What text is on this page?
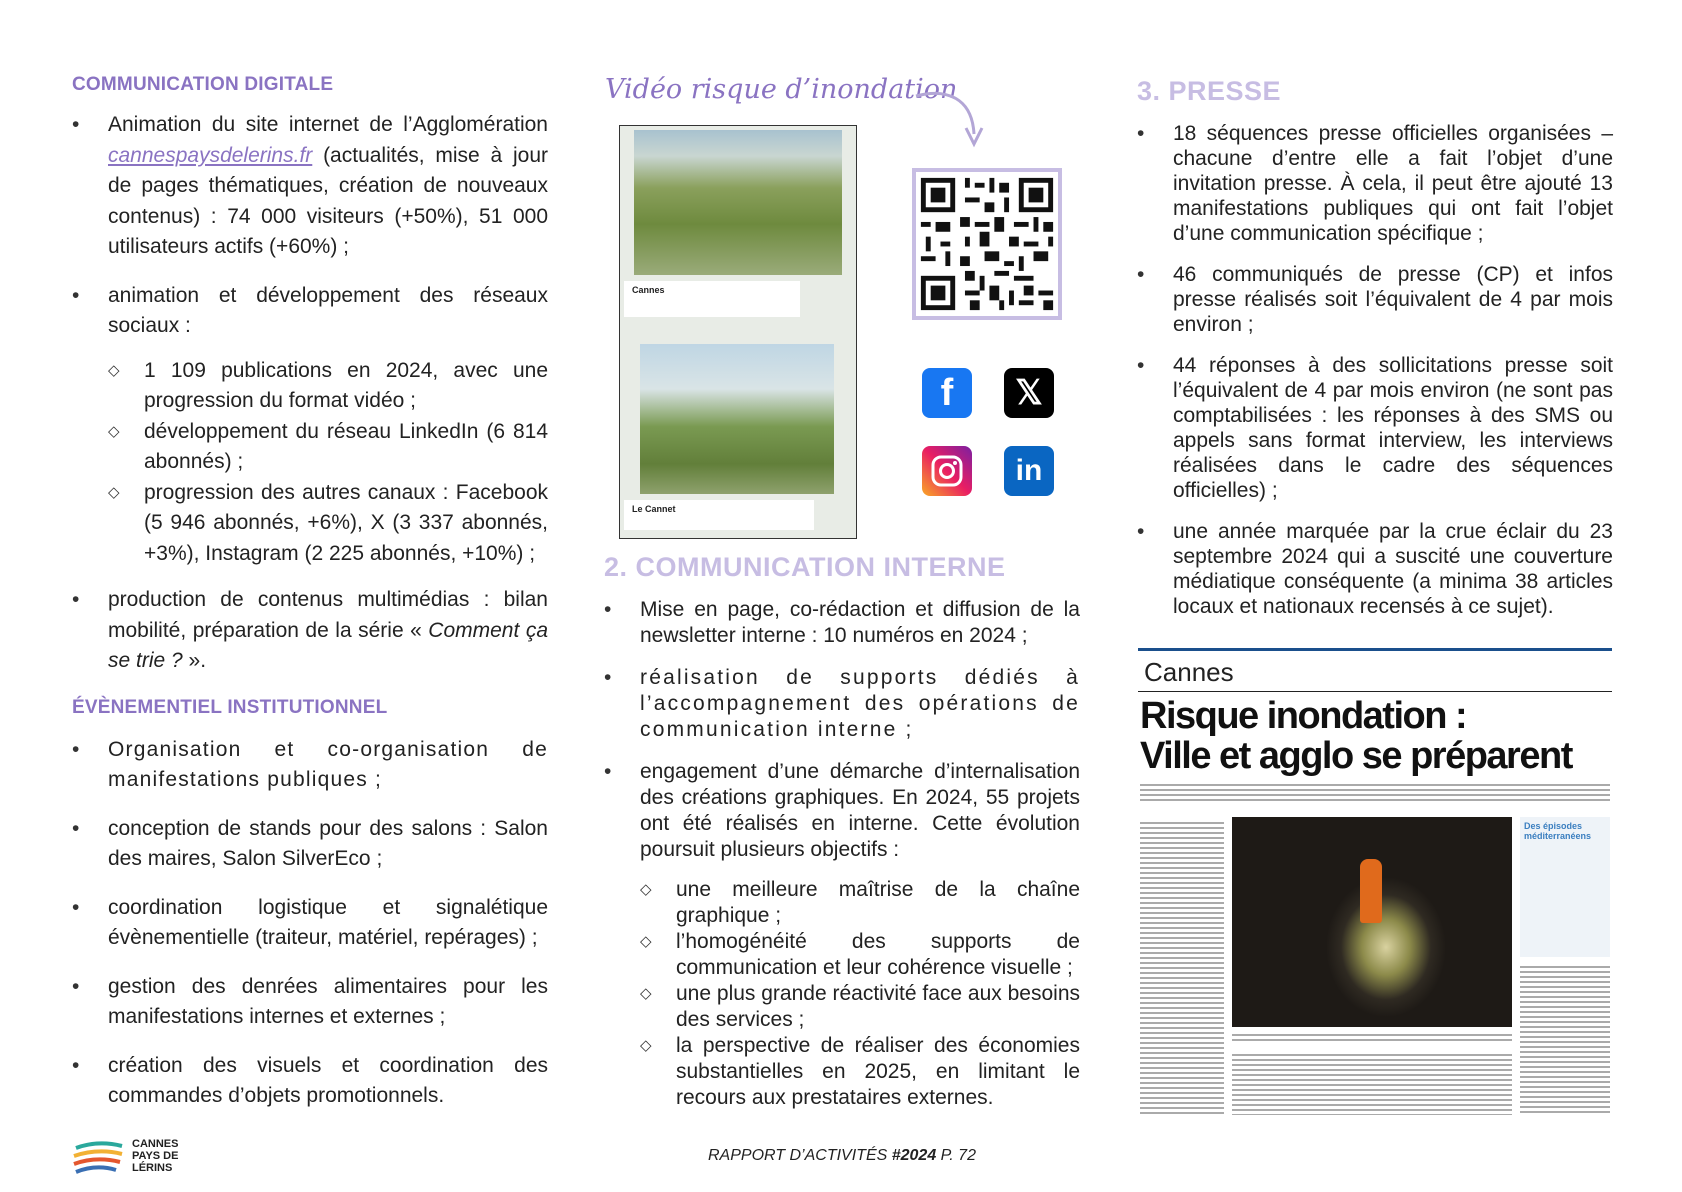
COMMUNICATION DIGITALE
• Animation du site internet de l’Agglomération cannespaysdelerins.fr (actualités, mise à jour de pages thématiques, création de nouveaux contenus) : 74 000 visiteurs (+50%), 51 000 utilisateurs actifs (+60%) ;
• animation et développement des réseaux sociaux :
◇ 1 109 publications en 2024, avec une progression du format vidéo ;
◇ développement du réseau LinkedIn (6 814 abonnés) ;
◇ progression des autres canaux : Facebook (5 946 abonnés, +6%), X (3 337 abonnés, +3%), Instagram (2 225 abonnés, +10%) ;
• production de contenus multimédias : bilan mobilité, préparation de la série « Comment ça se trie ? ».
ÉVÈNEMENTIEL INSTITUTIONNEL
• Organisation et co-organisation de manifestations publiques ;
• conception de stands pour des salons : Salon des maires, Salon SilverEco ;
• coordination logistique et signalétique évènementielle (traiteur, matériel, repérages) ;
• gestion des denrées alimentaires pour les manifestations internes et externes ;
• création des visuels et coordination des commandes d’objets promotionnels.
Vidéo risque d’inondation
Cannes
Le Cannet
f	𝕏
in
2. COMMUNICATION INTERNE
• Mise en page, co-rédaction et diffusion de la newsletter interne : 10 numéros en 2024 ;
• réalisation de supports dédiés à l’accompagnement des opérations de communication interne ;
• engagement d’une démarche d’internalisation des créations graphiques. En 2024, 55 projets ont été réalisés en interne. Cette évolution poursuit plusieurs objectifs :
◇ une meilleure maîtrise de la chaîne graphique ;
◇ l’homogénéité des supports de communication et leur cohérence visuelle ;
◇ une plus grande réactivité face aux besoins des services ;
◇ la perspective de réaliser des économies substantielles en 2025, en limitant le recours aux prestataires externes.
3. PRESSE
• 18 séquences presse officielles organisées – chacune d’entre elle a fait l’objet d’une invitation presse. À cela, il peut être ajouté 13 manifestations publiques qui ont fait l’objet d’une communication spécifique ;
• 46 communiqués de presse (CP) et infos presse réalisés soit l’équivalent de 4 par mois environ ;
• 44 réponses à des sollicitations presse soit l’équivalent de 4 par mois environ (ne sont pas comptabilisées : les réponses à des SMS ou appels sans format interview, les interviews réalisées dans le cadre des séquences officielles) ;
• une année marquée par la crue éclair du 23 septembre 2024 qui a suscité une couverture médiatique conséquente (a minima 38 articles locaux et nationaux recensés à ce sujet).
Cannes
Risque inondation :
Ville et agglo se préparent
Des épisodes méditerranéens
CANNES
PAYS DE
LÉRINS
RAPPORT D’ACTIVITÉS #2024 P. 72
